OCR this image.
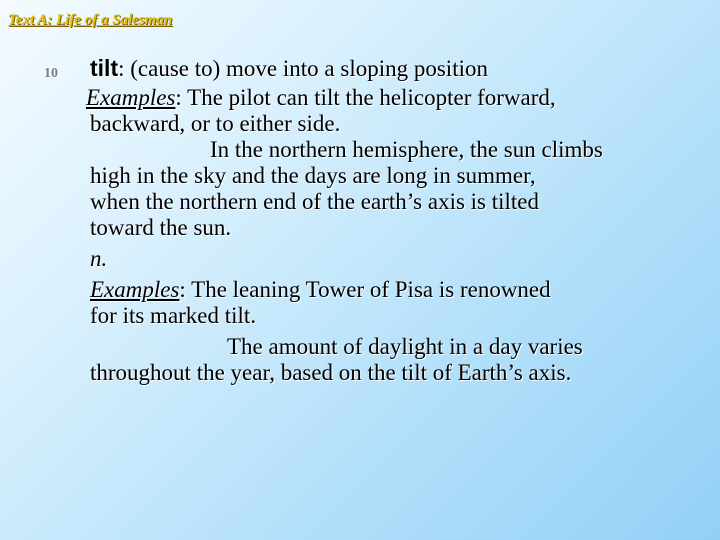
Text A: Life of a Salesman
10 tilt: (cause to) move into a sloping position
Examples: The pilot can tilt the helicopter forward,
backward, or to either side.
In the northern hemisphere, the sun climbs
high in the sky and the days are long in summer,
when the northern end of the earth’s axis is tilted
toward the sun.
n.
Examples: The leaning Tower of Pisa is renowned
for its marked tilt.
The amount of daylight in a day varies
throughout the year, based on the tilt of Earth’s axis.
